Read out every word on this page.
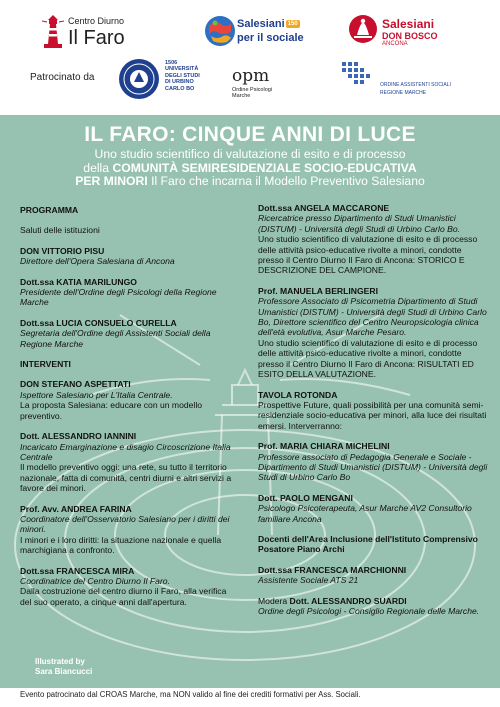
Centro Diurno
Il Faro
Salesiani 150
per il sociale
Salesiani
DON BOSCO
ANCONA
Patrocinato da
1506
UNIVERSITÀ
DEGLI STUDI
DI URBINO
CARLO BO
opm
Ordine Psicologi
Marche
ORDINE ASSISTENTI SOCIALI
REGIONE MARCHE
IL FARO: CINQUE ANNI DI LUCE
Uno studio scientifico di valutazione di esito e di processo
della COMUNITÀ SEMIRESIDENZIALE SOCIO-EDUCATIVA
PER MINORI Il Faro che incarna il Modello Preventivo Salesiano

PROGRAMMA

Saluti delle istituzioni

DON VITTORIO PISU

Direttore dell'Opera Salesiana di Ancona

Dott.ssa KATIA MARILUNGO

Presidente dell'Ordine degli Psicologi della Regione Marche

Dott.ssa LUCIA CONSUELO CURELLA

Segretaria dell'Ordine degli Assistenti Sociali della Regione Marche

INTERVENTI

DON STEFANO ASPETTATI

Ispettore Salesiano per L'Italia Centrale.

La proposta Salesiana: educare con un modello preventivo.

Dott. ALESSANDRO IANNINI

Incaricato Emarginazione e disagio Circoscrizione Italia Centrale

Il modello preventivo oggi: una rete, su tutto il territorio nazionale, fatta di comunità, centri diurni e altri servizi a favore dei minori.

Prof. Avv. ANDREA FARINA

Coordinatore dell'Osservatorio Salesiano per i diritti dei minori.

I minori e i loro diritti: la situazione nazionale e quella marchigiana a confronto.

Dott.ssa FRANCESCA MIRA

Coordinatrice del Centro Diurno Il Faro.

Dalla costruzione del centro diurno il Faro, alla verifica del suo operato, a cinque anni dall'apertura.

Dott.ssa ANGELA MACCARONE

Ricercatrice presso Dipartimento di Studi Umanistici (DISTUM) - Università degli Studi di Urbino Carlo Bo.

Uno studio scientifico di valutazione di esito e di processo delle attività psico-educative rivolte a minori, condotte presso il Centro Diurno Il Faro di Ancona: STORICO E DESCRIZIONE DEL CAMPIONE.

Prof. MANUELA BERLINGERI

Professore Associato di Psicometria Dipartimento di Studi Umanistici (DISTUM) - Università degli Studi di Urbino Carlo Bo, Direttore scientifico del Centro Neuropsicologia clinica dell'età evolutiva, Asur Marche Pesaro.

Uno studio scientifico di valutazione di esito e di processo delle attività psico-educative rivolte a minori, condotte presso il Centro Diurno Il Faro di Ancona: RISULTATI ED ESITO DELLA VALUTAZIONE.

TAVOLA ROTONDA

Prospettive Future, quali possibilità per una comunità semi-residenziale socio-educativa per minori, alla luce dei risultati emersi. Interverranno:

Prof. MARIA CHIARA MICHELINI

Professore associato di Pedagogia Generale e Sociale - Dipartimento di Studi Umanistici (DISTUM) - Università degli Studi di Urbino Carlo Bo

Dott. PAOLO MENGANI

Psicologo Psicoterapeuta, Asur Marche AV2 Consultorio familiare Ancona

Docenti dell'Area Inclusione dell'Istituto Comprensivo Posatore Piano Archi

Dott.ssa FRANCESCA MARCHIONNI

Assistente Sociale ATS 21

Modera Dott. ALESSANDRO SUARDI

Ordine degli Psicologi - Consiglio Regionale delle Marche.

Illustrated by
Sara Biancucci
Evento patrocinato dal CROAS Marche, ma NON valido al fine dei crediti formativi per Ass. Sociali.
